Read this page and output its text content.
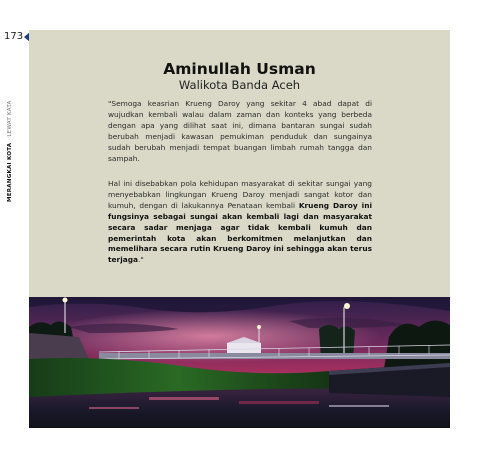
173
MERANGKAI KOTA·LEWAT KATA
Aminullah Usman
Walikota Banda Aceh

"Semoga keasrian Krueng Daroy yang sekitar 4 abad dapat di wujudkan kembali walau dalam zaman dan konteks yang berbeda dengan apa yang dilihat saat ini, dimana bantaran sungai sudah berubah menjadi kawasan pemukiman penduduk dan sungainya sudah berubah menjadi tempat buangan limbah rumah tangga dan sampah.

Hal ini disebabkan pola kehidupan masyarakat di sekitar sungai yang menyebabkan lingkungan Krueng Daroy menjadi sangat kotor dan kumuh, dengan di lakukannya Penataan kembali Krueng Daroy ini fungsinya sebagai sungai akan kembali lagi dan masyarakat secara sadar menjaga agar tidak kembali kumuh dan pemerintah kota akan berkomitmen melanjutkan dan memelihara secara rutin Krueng Daroy ini sehingga akan terus terjaga."
